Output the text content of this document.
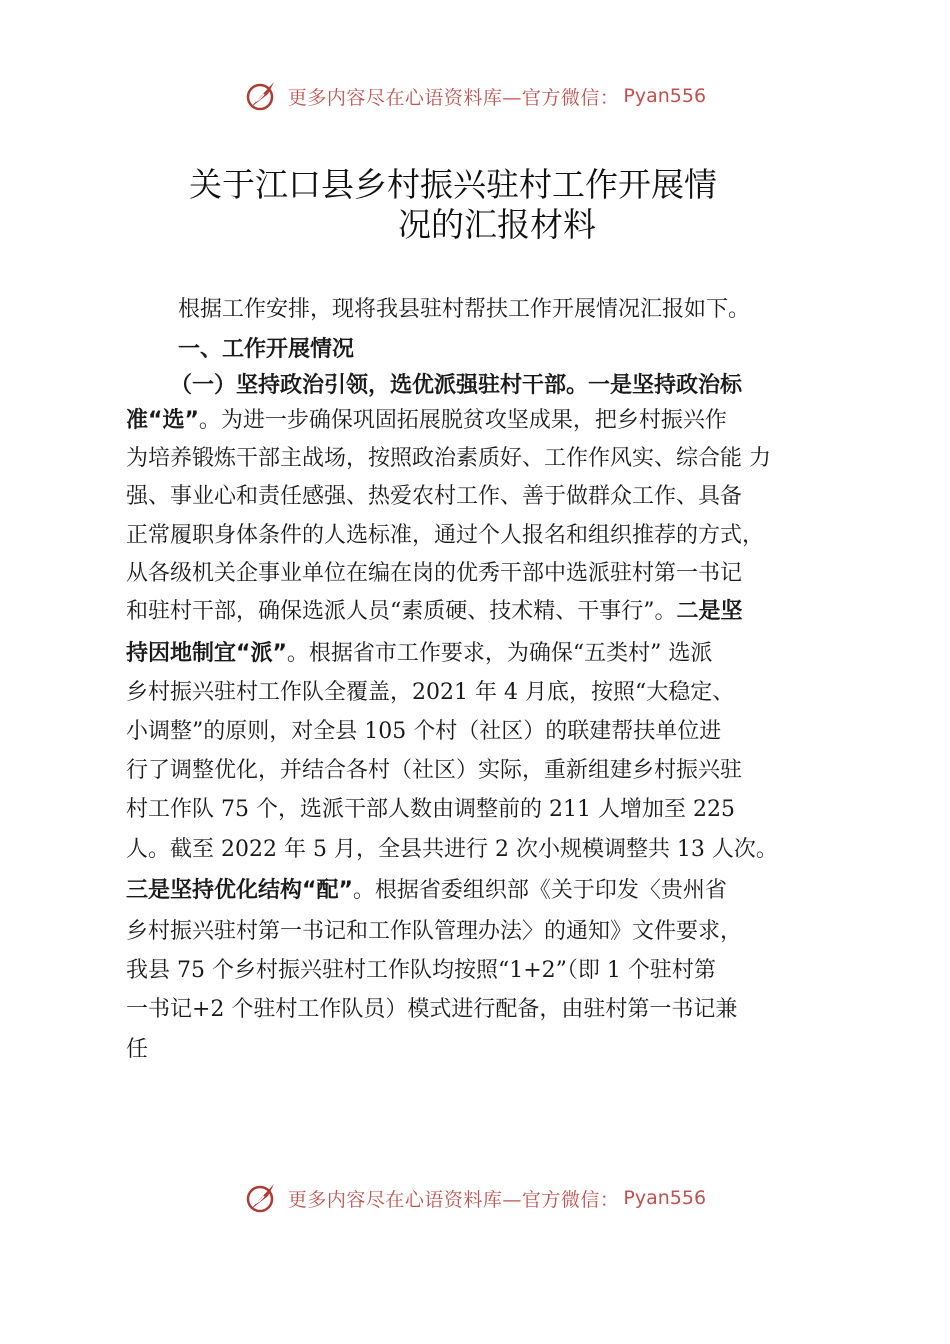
更多内容尽在心语资料库—官方微信： Pyan556
关于江口县乡村振兴驻村工作开展情
况的汇报材料
根据工作安排，现将我县驻村帮扶工作开展情况汇报如下。
一、工作开展情况
（一）坚持政治引领，选优派强驻村干部。一是坚持政治标
准“选”。为进一步确保巩固拓展脱贫攻坚成果，把乡村振兴作
为培养锻炼干部主战场，按照政治素质好、工作作风实、综合能 力
强、事业心和责任感强、热爱农村工作、善于做群众工作、具备
正常履职身体条件的人选标准，通过个人报名和组织推荐的方式，
从各级机关企事业单位在编在岗的优秀干部中选派驻村第一书记
和驻村干部，确保选派人员“素质硬、技术精、干事行”。二是坚
持因地制宜“派”。根据省市工作要求，为确保“五类村” 选派
乡村振兴驻村工作队全覆盖，2021 年 4 月底，按照“大稳定、
小调整”的原则，对全县 105 个村（社区）的联建帮扶单位进
行了调整优化，并结合各村（社区）实际，重新组建乡村振兴驻
村工作队 75 个，选派干部人数由调整前的 211 人增加至 225
人。截至 2022 年 5 月，全县共进行 2 次小规模调整共 13 人次。
三是坚持优化结构“配”。根据省委组织部《关于印发〈贵州省
乡村振兴驻村第一书记和工作队管理办法〉的通知》文件要求，
我县 75 个乡村振兴驻村工作队均按照“1+2”（即 1 个驻村第
一书记+2 个驻村工作队员）模式进行配备，由驻村第一书记兼
任
更多内容尽在心语资料库—官方微信： Pyan556
